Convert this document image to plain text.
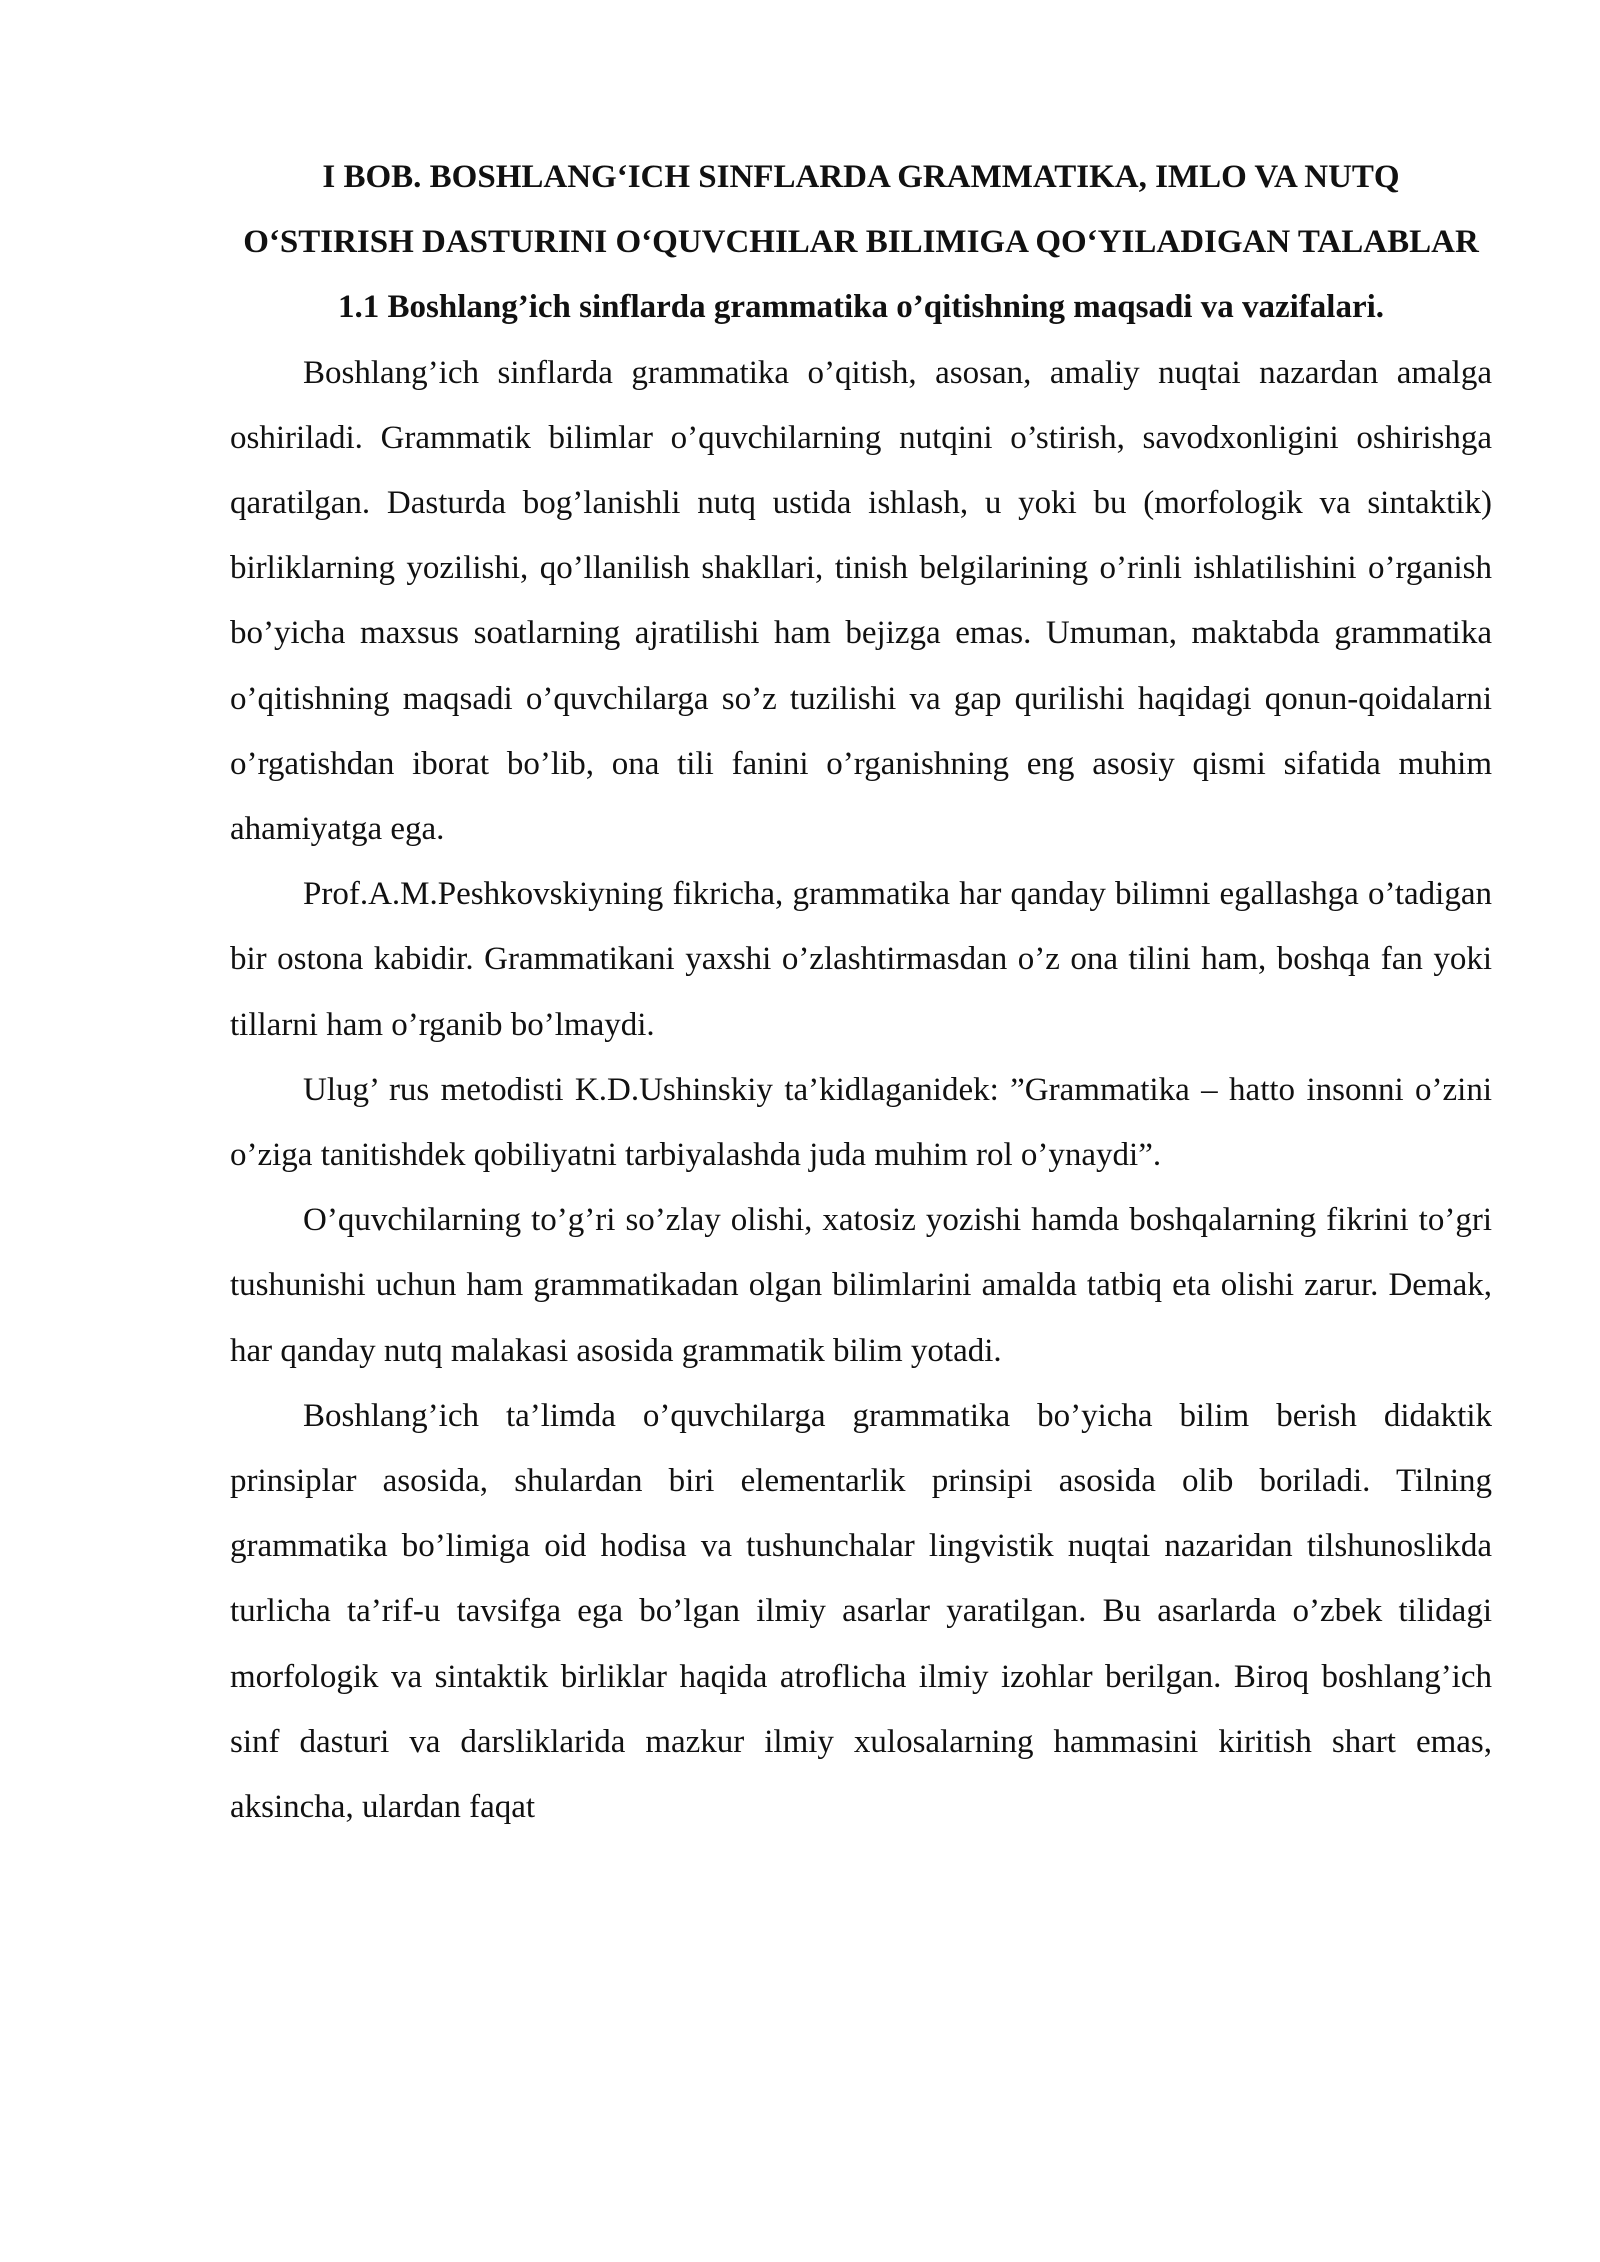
I BOB. BOSHLANG‘ICH SINFLARDA GRAMMATIKA, IMLO VA NUTQ O‘STIRISH DASTURINI O‘QUVCHILAR BILIMIGA QO‘YILADIGAN TALABLAR
1.1 Boshlang’ich sinflarda grammatika o’qitishning maqsadi va vazifalari.

Boshlang’ich sinflarda grammatika o’qitish, asosan, amaliy nuqtai nazardan amalga oshiriladi. Grammatik bilimlar o’quvchilarning nutqini o’stirish, savodxonligini oshirishga qaratilgan. Dasturda bog’lanishli nutq ustida ishlash, u yoki bu (morfologik va sintaktik) birliklarning yozilishi, qo’llanilish shakllari, tinish belgilarining o’rinli ishlatilishini o’rganish bo’yicha maxsus soatlarning ajratilishi ham bejizga emas. Umuman, maktabda grammatika o’qitishning maqsadi o’quvchilarga so’z tuzilishi va gap qurilishi haqidagi qonun-qoidalarni o’rgatishdan iborat bo’lib, ona tili fanini o’rganishning eng asosiy qismi sifatida muhim ahamiyatga ega.

Prof.A.M.Peshkovskiyning fikricha, grammatika har qanday bilimni egallashga o’tadigan bir ostona kabidir. Grammatikani yaxshi o’zlashtirmasdan o’z ona tilini ham, boshqa fan yoki tillarni ham o’rganib bo’lmaydi.

Ulug’ rus metodisti K.D.Ushinskiy ta’kidlaganidek: ”Grammatika – hatto insonni o’zini o’ziga tanitishdek qobiliyatni tarbiyalashda juda muhim rol o’ynaydi”.

O’quvchilarning to’g’ri so’zlay olishi, xatosiz yozishi hamda boshqalarning fikrini to’gri tushunishi uchun ham grammatikadan olgan bilimlarini amalda tatbiq eta olishi zarur. Demak, har qanday nutq malakasi asosida grammatik bilim yotadi.

Boshlang’ich ta’limda o’quvchilarga grammatika bo’yicha bilim berish didaktik prinsiplar asosida, shulardan biri elementarlik prinsipi asosida olib boriladi. Tilning grammatika bo’limiga oid hodisa va tushunchalar lingvistik nuqtai nazaridan tilshunoslikda turlicha ta’rif-u tavsifga ega bo’lgan ilmiy asarlar yaratilgan. Bu asarlarda o’zbek tilidagi morfologik va sintaktik birliklar haqida atroflicha ilmiy izohlar berilgan. Biroq boshlang’ich sinf dasturi va darsliklarida mazkur ilmiy xulosalarning hammasini kiritish shart emas, aksincha, ulardan faqat
